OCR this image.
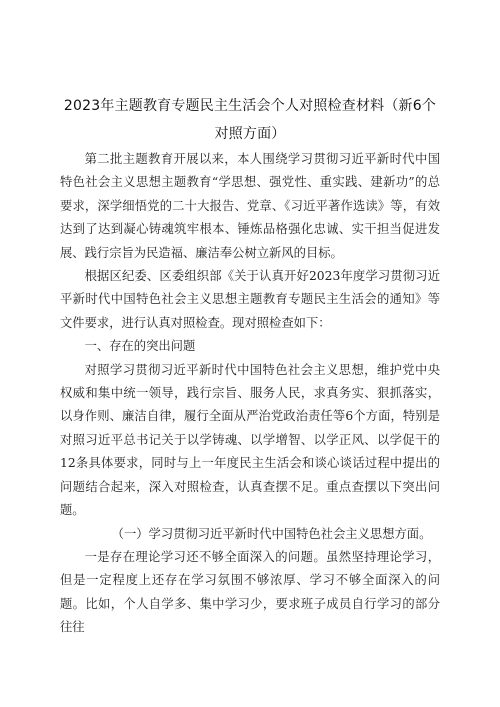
2023年主题教育专题民主生活会个人对照检查材料（新6个对照方面）

第二批主题教育开展以来，本人围绕学习贯彻习近平新时代中国特色社会主义思想主题教育“学思想、强党性、重实践、建新功”的总要求，深学细悟党的二十大报告、党章、《习近平著作选读》等，有效达到了达到凝心铸魂筑牢根本、锤炼品格强化忠诚、实干担当促进发展、践行宗旨为民造福、廉洁奉公树立新风的目标。

根据区纪委、区委组织部《关于认真开好2023年度学习贯彻习近平新时代中国特色社会主义思想主题教育专题民主生活会的通知》等文件要求，进行认真对照检查。现对照检查如下：

一、存在的突出问题

对照学习贯彻习近平新时代中国特色社会主义思想，维护党中央权威和集中统一领导，践行宗旨、服务人民，求真务实、狠抓落实，以身作则、廉洁自律，履行全面从严治党政治责任等6个方面，特别是对照习近平总书记关于以学铸魂、以学增智、以学正风、以学促干的12条具体要求，同时与上一年度民主生活会和谈心谈话过程中提出的问题结合起来，深入对照检查，认真查摆不足。重点查摆以下突出问题。

（一）学习贯彻习近平新时代中国特色社会主义思想方面。

一是存在理论学习还不够全面深入的问题。虽然坚持理论学习，但是一定程度上还存在学习氛围不够浓厚、学习不够全面深入的问题。比如，个人自学多、集中学习少，要求班子成员自行学习的部分往往
